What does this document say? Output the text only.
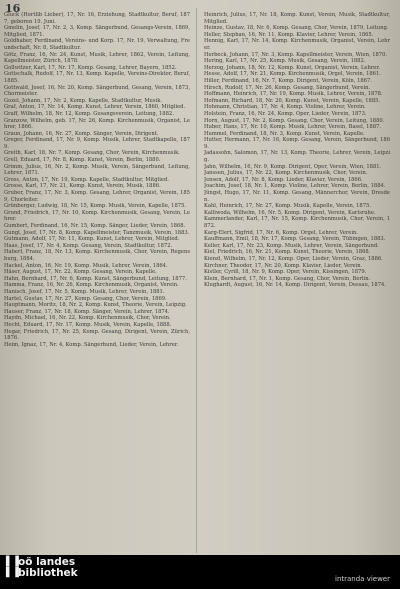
16

Gluck (Hertlib Lieber), 17, Nr. 16, Erziehung, Stadtkultur, Beruf, 1877, geboren 19. Juni.

Gmelin, Josef, 17, Nr. 2, 3, Komp. Sängerbund, Gesangs-Verein, 1869, Mitglied, 1871.

Goldhaber, Ferdinand, Vereins- und Korp. 17, Nr. 19, Verwaltung, Freundschaft, Nr. 8, Stadtkultur.

Götz, Franz, 16, Nr. 24, Kunst, Musik, Lehrer, 1862, Verein, Leitung, Kapellmeister, Zürich, 1878.

Gollwitzer, Karl, 17, Nr. 17, Komp. Gesang, Lehrer, Bayern, 1852.

Gottschalk, Rudolf, 17, Nr. 13, Komp. Kapelle, Vereins-Direktor, Beruf, 1885.

Gottwald, Josef, 16, Nr. 20, Komp. Sängerbund, Gesang, Verein, 1873, Chormeister.

Gozel, Johann, 17, Nr. 2, Komp. Kapelle, Stadtkultur, Musik.

Graf, Anton, 17, Nr. 14, Komp. Kunst, Lehrer, Verein, 1860, Mitglied.

Graff, Wilhelm, 18, Nr. 12, Komp. Gesangsverein, Leitung, 1882.

Granzow, Wilhelm, geb. 17, Nr. 26, Komp. Kirchenmusik, Organist, Lehrer, 1866.

Graun, Johann, 16, Nr. 27, Komp. Sänger, Verein, Dirigent.

Greger, Ferdinand, 17, Nr. 9, Komp. Musik, Lehrer, Stadtkapelle, 1879.

Greith, Karl, 18, Nr. 7, Komp. Gesang, Chor, Verein, Kirchenmusik.

Grell, Eduard, 17, Nr. 8, Komp. Kunst, Verein, Berlin, 1880.

Grimm, Julius, 16, Nr. 2, Komp. Musik, Verein, Sängerbund, Leitung, Lehrer, 1871.

Gross, Anton, 17, Nr. 19, Komp. Kapelle, Stadtkultur, Mitglied.

Grosse, Karl, 17, Nr. 21, Komp. Kunst, Verein, Musik, 1886.

Gruber, Franz, 17, Nr. 3, Komp. Gesang, Lehrer, Organist, Verein, 1859, Chorleiter.

Grünberger, Ludwig, 18, Nr. 15, Komp. Musik, Verein, Kapelle, 1875.

Grund, Friedrich, 17, Nr. 10, Komp. Kirchenmusik, Gesang, Verein, Lehrer.

Gumbert, Ferdinand, 16, Nr. 15, Komp. Sänger, Lieder, Verein, 1868.

Gungl, Josef, 17, Nr. 8, Komp. Kapellmeister, Tanzmusik, Verein, 1883.

Gutmann, Adolf, 17, Nr. 11, Komp. Kunst, Lehrer, Verein, Mitglied.

Haas, Josef, 17, Nr. 4, Komp. Gesang, Verein, Stadtkultur, 1872.

Haberl, Franz, 18, Nr. 13, Komp. Kirchenmusik, Chor, Verein, Regensburg, 1884.

Hackel, Anton, 16, Nr. 19, Komp. Musik, Lehrer, Verein, 1864.

Häser, August, 17, Nr. 22, Komp. Gesang, Verein, Kapelle.

Hahn, Bernhard, 17, Nr. 6, Komp. Kunst, Sängerbund, Leitung, 1877.

Hamma, Franz, 16, Nr. 26, Komp. Kirchenmusik, Organist, Verein.

Hanisch, Josef, 17, Nr. 5, Komp. Musik, Lehrer, Verein, 1881.

Hartel, Gustav, 17, Nr. 27, Komp. Gesang, Chor, Verein, 1869.

Hauptmann, Moritz, 18, Nr. 2, Komp. Kunst, Theorie, Verein, Leipzig.

Hauser, Franz, 17, Nr. 18, Komp. Sänger, Verein, Lehrer, 1874.

Haydn, Michael, 16, Nr. 22, Komp. Kirchenmusik, Chor, Verein.

Hecht, Eduard, 17, Nr. 17, Komp. Musik, Verein, Kapelle, 1888.

Hegar, Friedrich, 17, Nr. 25, Komp. Gesang, Dirigent, Verein, Zürich, 1876.

Heim, Ignaz, 17, Nr. 4, Komp. Sängerbund, Lieder, Verein, Lehrer.

Heinrich, Julius, 17, Nr. 18, Komp. Kunst, Verein, Musik, Stadtkultur, Mitglied.

Heinze, Gustav, 18, Nr. 6, Komp. Gesang, Chor, Verein, 1879, Leitung.

Heller, Stephan, 16, Nr. 11, Komp. Klavier, Lehrer, Verein, 1865.

Hennig, Karl, 17, Nr. 14, Komp. Kirchenmusik, Organist, Verein, Lehrer.

Herbeck, Johann, 17, Nr. 3, Komp. Kapellmeister, Verein, Wien, 1870.

Hering, Karl, 17, Nr. 25, Komp. Musik, Gesang, Verein, 1882.

Herzog, Johann, 18, Nr. 12, Komp. Kunst, Organist, Verein, Lehrer.

Hesse, Adolf, 17, Nr. 21, Komp. Kirchenmusik, Orgel, Verein, 1861.

Hiller, Ferdinand, 16, Nr. 7, Komp. Dirigent, Verein, Köln, 1867.

Hirsch, Rudolf, 17, Nr. 26, Komp. Gesang, Sängerbund, Verein.

Hoffmann, Heinrich, 17, Nr. 19, Komp. Musik, Lehrer, Verein, 1878.

Hofmann, Richard, 18, Nr. 20, Komp. Kunst, Verein, Kapelle, 1885.

Hohmann, Christian, 17, Nr. 4, Komp. Violine, Lehrer, Verein.

Holstein, Franz, 16, Nr. 24, Komp. Oper, Lieder, Verein, 1873.

Horn, August, 17, Nr. 2, Komp. Gesang, Chor, Verein, Leitung, 1880.

Huber, Hans, 17, Nr. 10, Komp. Musik, Lehrer, Verein, Basel, 1887.

Hummel, Ferdinand, 18, Nr. 3, Komp. Kunst, Verein, Kapelle.

Hutter, Hermann, 17, Nr. 16, Komp. Gesang, Verein, Sängerbund, 1869.

Jadassohn, Salomon, 17, Nr. 13, Komp. Theorie, Lehrer, Verein, Leipzig.

Jahn, Wilhelm, 16, Nr. 9, Komp. Dirigent, Oper, Verein, Wien, 1881.

Janssen, Julius, 17, Nr. 22, Komp. Kirchenmusik, Chor, Verein.

Jensen, Adolf, 17, Nr. 8, Komp. Lieder, Klavier, Verein, 1866.

Joachim, Josef, 18, Nr. 1, Komp. Violine, Lehrer, Verein, Berlin, 1884.

Jüngst, Hugo, 17, Nr. 11, Komp. Gesang, Männerchor, Verein, Dresden.

Kahl, Heinrich, 17, Nr. 27, Komp. Musik, Kapelle, Verein, 1875.

Kalliwoda, Wilhelm, 16, Nr. 5, Komp. Dirigent, Verein, Karlsruhe.

Kammerlander, Karl, 17, Nr. 15, Komp. Kirchenmusik, Chor, Verein, 1872.

Karg-Elert, Sigfrid, 17, Nr. 6, Komp. Orgel, Lehrer, Verein.

Kauffmann, Emil, 18, Nr. 17, Komp. Gesang, Verein, Tübingen, 1883.

Keller, Karl, 17, Nr. 23, Komp. Musik, Lehrer, Verein, Sängerbund.

Kiel, Friedrich, 16, Nr. 21, Komp. Kunst, Theorie, Verein, 1868.

Kienzl, Wilhelm, 17, Nr. 12, Komp. Oper, Lieder, Verein, Graz, 1886.

Kirchner, Theodor, 17, Nr. 20, Komp. Klavier, Lieder, Verein.

Kistler, Cyrill, 18, Nr. 9, Komp. Oper, Verein, Kissingen, 1879.

Klein, Bernhard, 17, Nr. 1, Komp. Gesang, Chor, Verein, Berlin.

Klughardt, August, 16, Nr. 14, Komp. Dirigent, Verein, Dessau, 1874.

▌▐ oö landes
▌▐ bibliothek	intranda viewer
